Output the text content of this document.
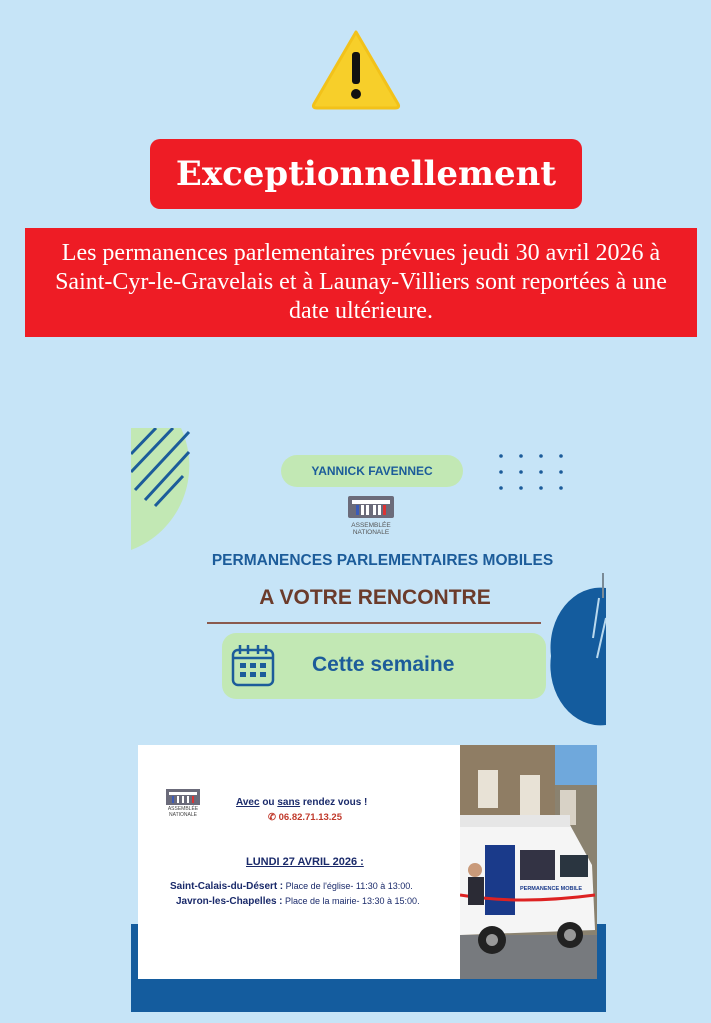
Exceptionnellement
Les permanences parlementaires prévues jeudi 30 avril 2026 à Saint-Cyr-le-Gravelais et à Launay-Villiers sont reportées à une date ultérieure.
YANNICK FAVENNEC
ASSEMBLÉE NATIONALE
PERMANENCES PARLEMENTAIRES MOBILES
A VOTRE RENCONTRE
Cette semaine
ASSEMBLÉE NATIONALE
Avec ou sans rendez vous !
✆ 06.82.71.13.25
LUNDI 27 AVRIL 2026 :
Saint-Calais-du-Désert : Place de l'église- 11:30 à 13:00.
Javron-les-Chapelles : Place de la mairie- 13:30 à 15:00.
PERMANENCE MOBILE
